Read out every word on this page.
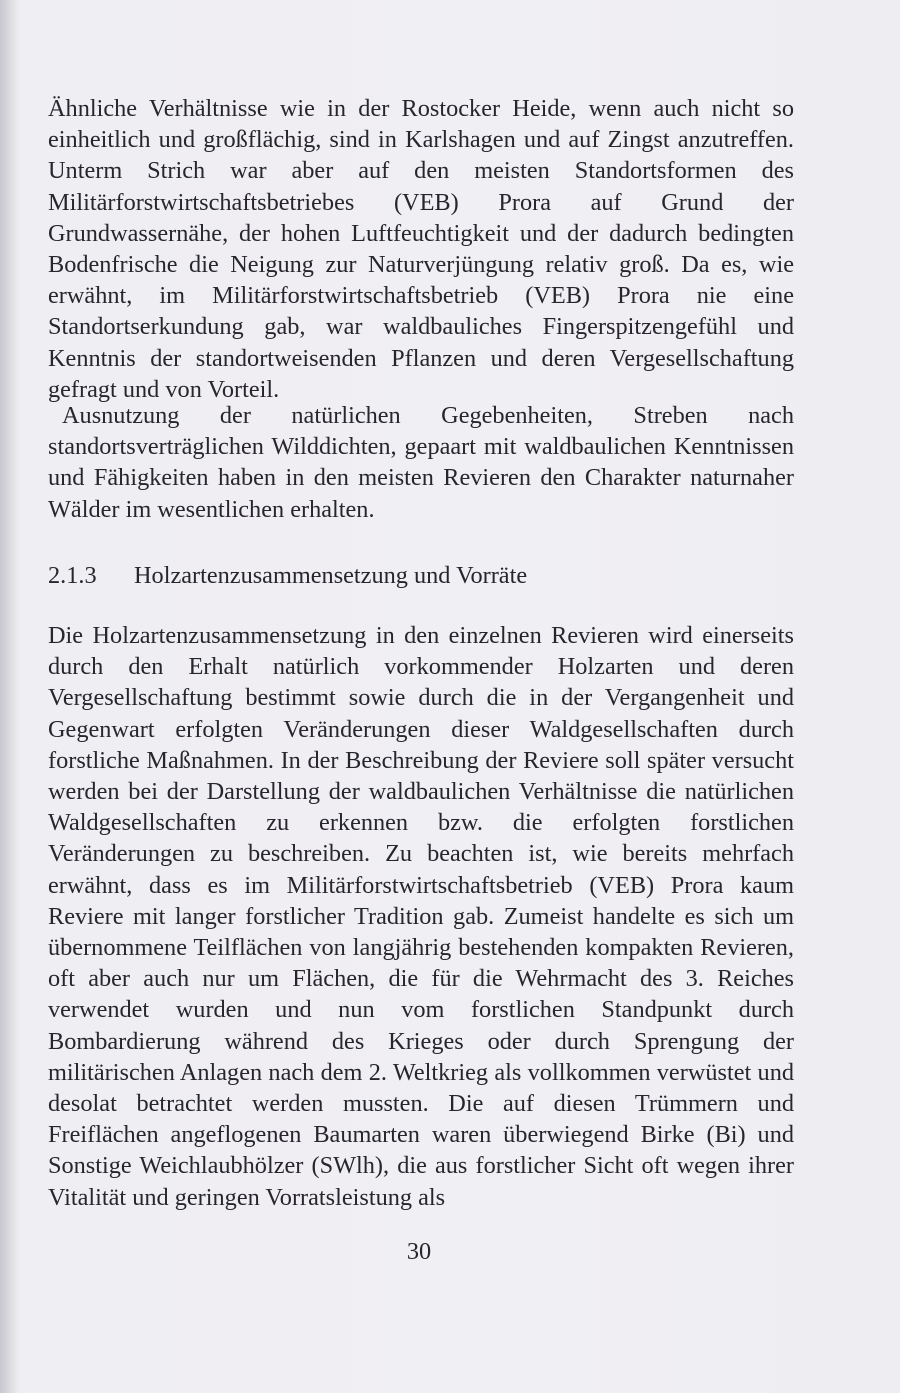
Ähnliche Verhältnisse wie in der Rostocker Heide, wenn auch nicht so einheitlich und großflächig, sind in Karlshagen und auf Zingst anzutreffen. Unterm Strich war aber auf den meisten Standortsformen des Militärforstwirtschaftsbetriebes (VEB) Prora auf Grund der Grundwassernähe, der hohen Luftfeuchtigkeit und der dadurch bedingten Bodenfrische die Neigung zur Naturverjüngung relativ groß. Da es, wie erwähnt, im Militärforstwirtschaftsbetrieb (VEB) Prora nie eine Standortserkundung gab, war waldbauliches Fingerspitzengefühl und Kenntnis der standortweisenden Pflanzen und deren Vergesellschaftung gefragt und von Vorteil.

Ausnutzung der natürlichen Gegebenheiten, Streben nach standortsverträglichen Wilddichten, gepaart mit waldbaulichen Kenntnissen und Fähigkeiten haben in den meisten Revieren den Charakter naturnaher Wälder im wesentlichen erhalten.

2.1.3 Holzartenzusammensetzung und Vorräte

Die Holzartenzusammensetzung in den einzelnen Revieren wird einerseits durch den Erhalt natürlich vorkommender Holzarten und deren Vergesellschaftung bestimmt sowie durch die in der Vergangenheit und Gegenwart erfolgten Veränderungen dieser Waldgesellschaften durch forstliche Maßnahmen. In der Beschreibung der Reviere soll später versucht werden bei der Darstellung der waldbaulichen Verhältnisse die natürlichen Waldgesellschaften zu erkennen bzw. die erfolgten forstlichen Veränderungen zu beschreiben. Zu beachten ist, wie bereits mehrfach erwähnt, dass es im Militärforstwirtschaftsbetrieb (VEB) Prora kaum Reviere mit langer forstlicher Tradition gab. Zumeist handelte es sich um übernommene Teilflächen von langjährig bestehenden kompakten Revieren, oft aber auch nur um Flächen, die für die Wehrmacht des 3. Reiches verwendet wurden und nun vom forstlichen Standpunkt durch Bombardierung während des Krieges oder durch Sprengung der militärischen Anlagen nach dem 2. Weltkrieg als vollkommen verwüstet und desolat betrachtet werden mussten. Die auf diesen Trümmern und Freiflächen angeflogenen Baumarten waren überwiegend Birke (Bi) und Sonstige Weichlaubhölzer (SWlh), die aus forstlicher Sicht oft wegen ihrer Vitalität und geringen Vorratsleistung als

30
